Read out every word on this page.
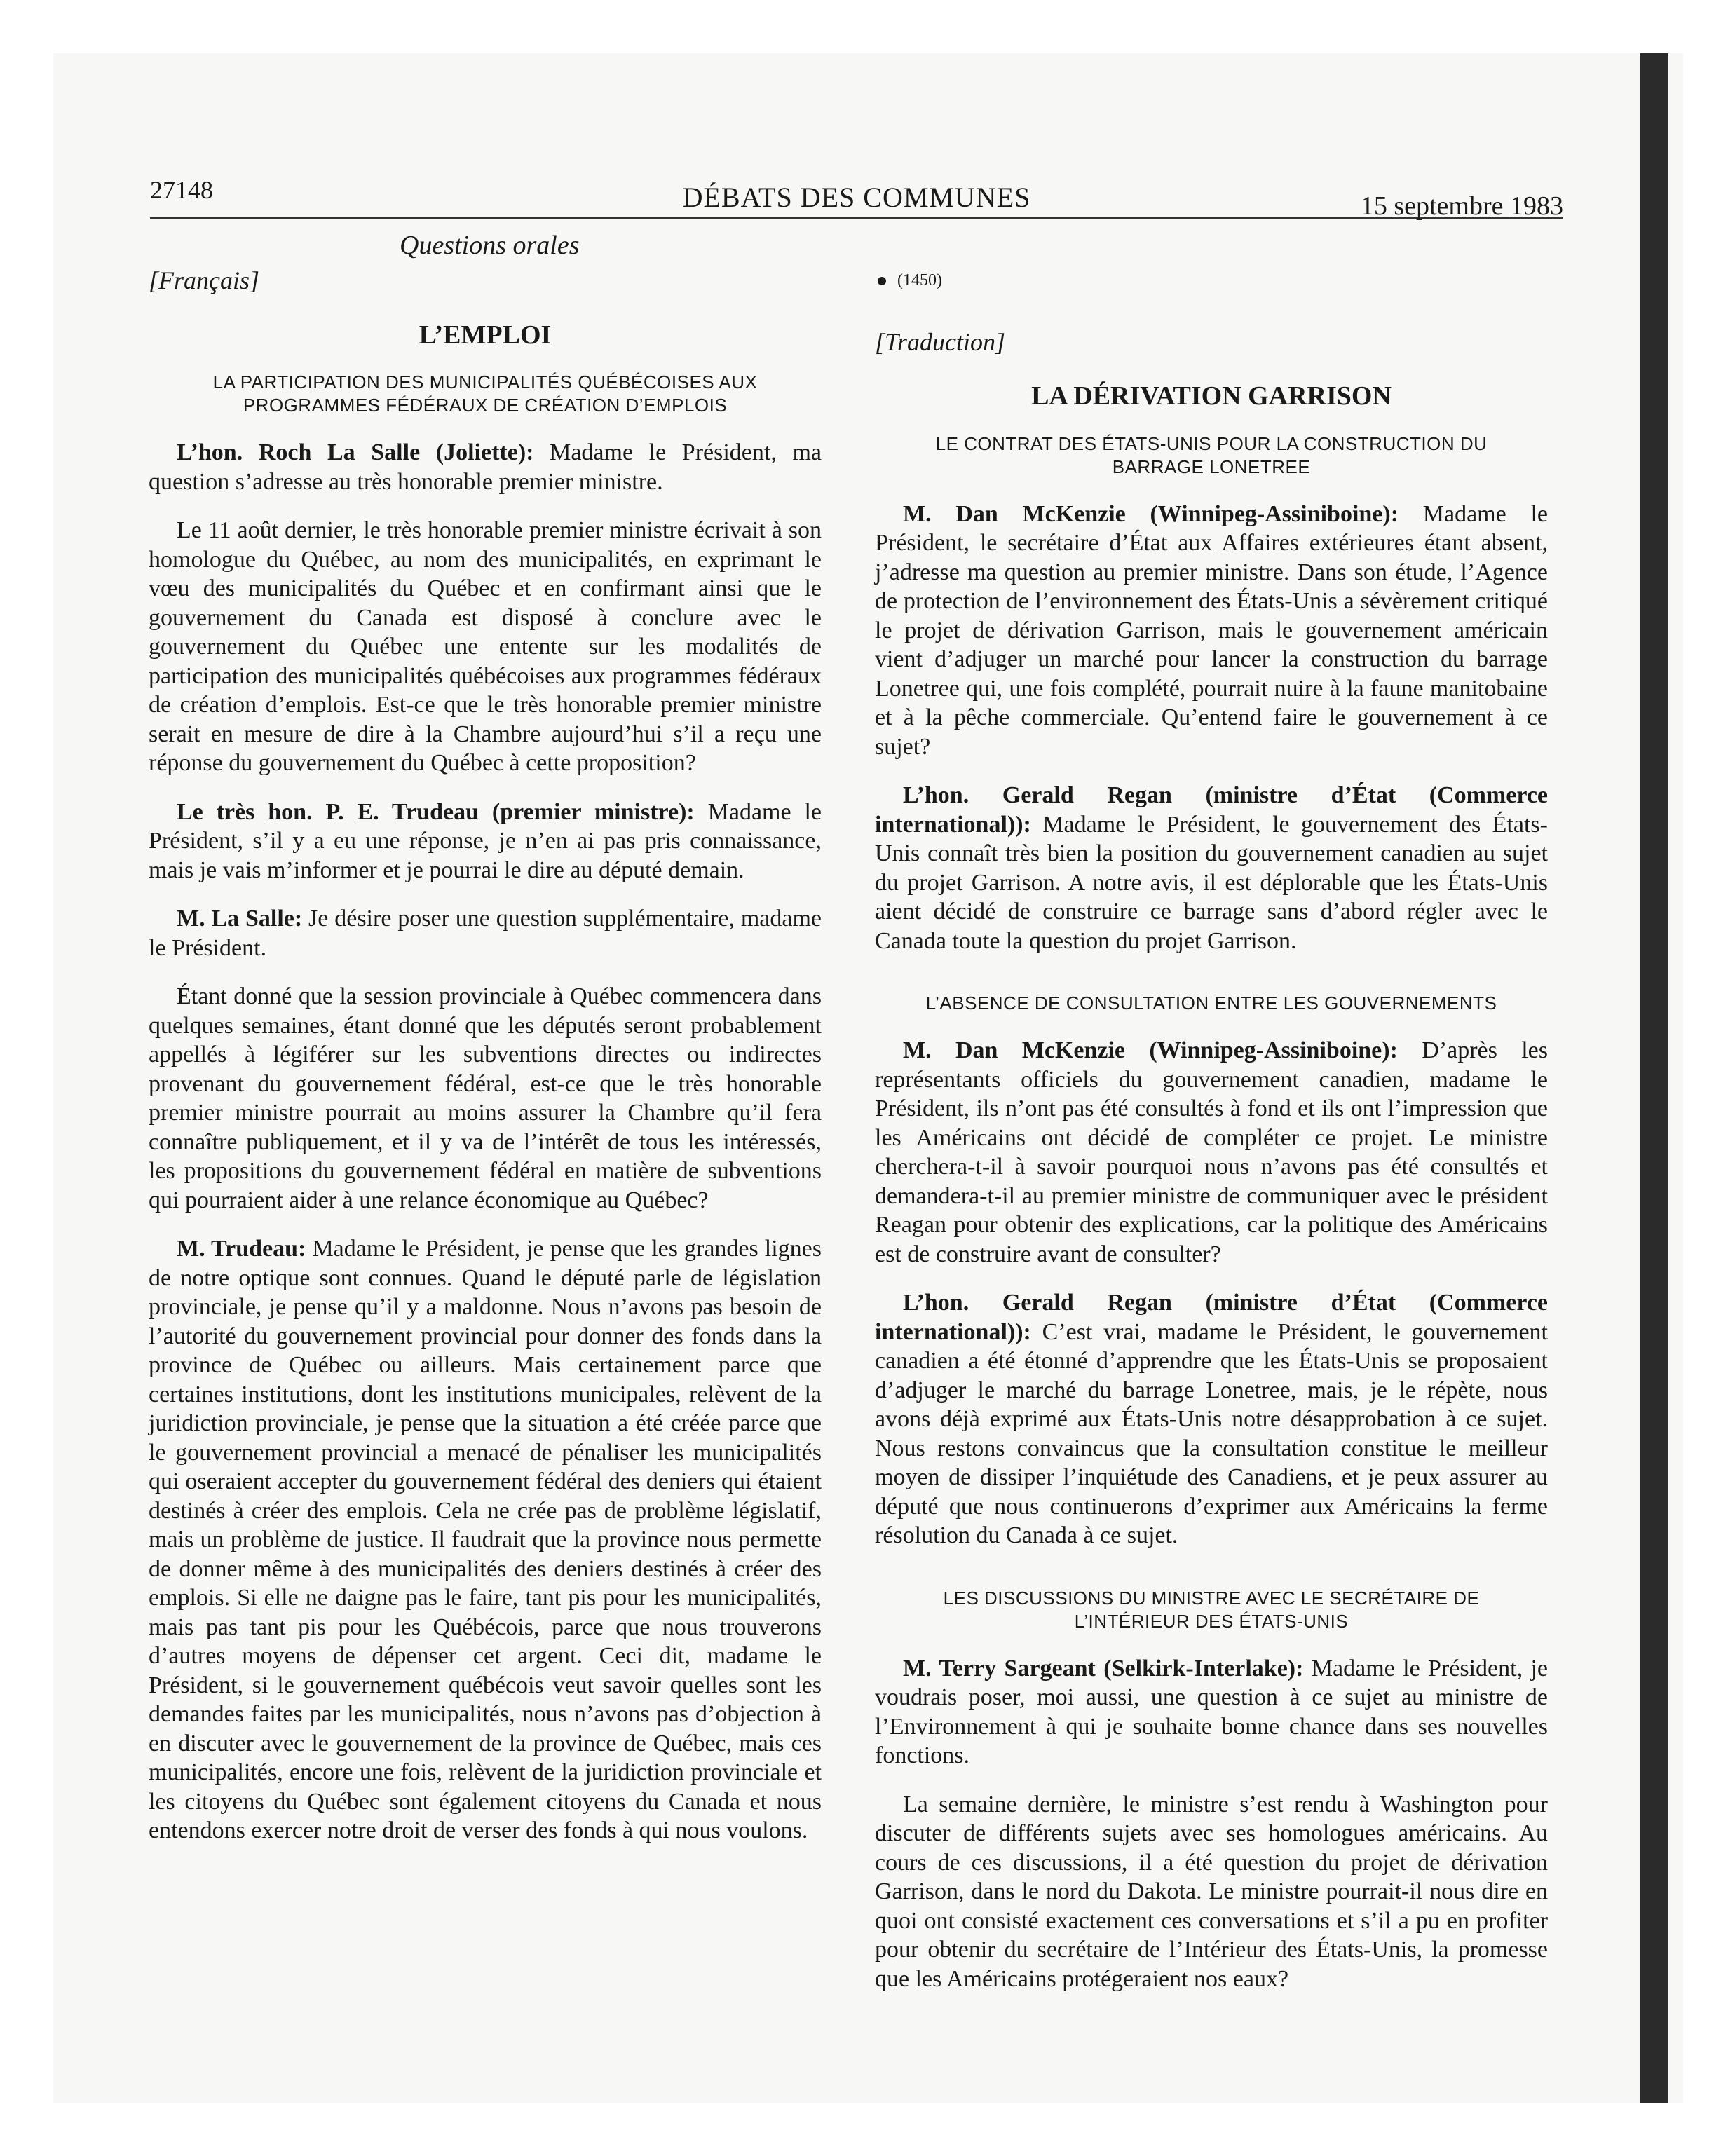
27148	DÉBATS DES COMMUNES	15 septembre 1983
Questions orales
[Français]
L’EMPLOI
LA PARTICIPATION DES MUNICIPALITÉS QUÉBÉCOISES AUX PROGRAMMES FÉDÉRAUX DE CRÉATION D’EMPLOIS

L’hon. Roch La Salle (Joliette): Madame le Président, ma question s’adresse au très honorable premier ministre.

Le 11 août dernier, le très honorable premier ministre écrivait à son homologue du Québec, au nom des municipalités, en exprimant le vœu des municipalités du Québec et en confirmant ainsi que le gouvernement du Canada est disposé à conclure avec le gouvernement du Québec une entente sur les modalités de participation des municipalités québécoises aux programmes fédéraux de création d’emplois. Est-ce que le très honorable premier ministre serait en mesure de dire à la Chambre aujourd’hui s’il a reçu une réponse du gouvernement du Québec à cette proposition?

Le très hon. P. E. Trudeau (premier ministre): Madame le Président, s’il y a eu une réponse, je n’en ai pas pris connaissance, mais je vais m’informer et je pourrai le dire au député demain.

M. La Salle: Je désire poser une question supplémentaire, madame le Président.

Étant donné que la session provinciale à Québec commencera dans quelques semaines, étant donné que les députés seront probablement appellés à légiférer sur les subventions directes ou indirectes provenant du gouvernement fédéral, est-ce que le très honorable premier ministre pourrait au moins assurer la Chambre qu’il fera connaître publiquement, et il y va de l’intérêt de tous les intéressés, les propositions du gouvernement fédéral en matière de subventions qui pourraient aider à une relance économique au Québec?

M. Trudeau: Madame le Président, je pense que les grandes lignes de notre optique sont connues. Quand le député parle de législation provinciale, je pense qu’il y a maldonne. Nous n’avons pas besoin de l’autorité du gouvernement provincial pour donner des fonds dans la province de Québec ou ailleurs. Mais certainement parce que certaines institutions, dont les institutions municipales, relèvent de la juridiction provinciale, je pense que la situation a été créée parce que le gouvernement provincial a menacé de pénaliser les municipalités qui oseraient accepter du gouvernement fédéral des deniers qui étaient destinés à créer des emplois. Cela ne crée pas de problème législatif, mais un problème de justice. Il faudrait que la province nous permette de donner même à des municipalités des deniers destinés à créer des emplois. Si elle ne daigne pas le faire, tant pis pour les municipalités, mais pas tant pis pour les Québécois, parce que nous trouverons d’autres moyens de dépenser cet argent. Ceci dit, madame le Président, si le gouvernement québécois veut savoir quelles sont les demandes faites par les municipalités, nous n’avons pas d’objection à en discuter avec le gouvernement de la province de Québec, mais ces municipalités, encore une fois, relèvent de la juridiction provinciale et les citoyens du Québec sont également citoyens du Canada et nous entendons exercer notre droit de verser des fonds à qui nous voulons.

(1450)
[Traduction]
LA DÉRIVATION GARRISON
LE CONTRAT DES ÉTATS-UNIS POUR LA CONSTRUCTION DU BARRAGE LONETREE

M. Dan McKenzie (Winnipeg-Assiniboine): Madame le Président, le secrétaire d’État aux Affaires extérieures étant absent, j’adresse ma question au premier ministre. Dans son étude, l’Agence de protection de l’environnement des États-Unis a sévèrement critiqué le projet de dérivation Garrison, mais le gouvernement américain vient d’adjuger un marché pour lancer la construction du barrage Lonetree qui, une fois complété, pourrait nuire à la faune manitobaine et à la pêche commerciale. Qu’entend faire le gouvernement à ce sujet?

L’hon. Gerald Regan (ministre d’État (Commerce international)): Madame le Président, le gouvernement des États-Unis connaît très bien la position du gouvernement canadien au sujet du projet Garrison. A notre avis, il est déplorable que les États-Unis aient décidé de construire ce barrage sans d’abord régler avec le Canada toute la question du projet Garrison.

L’ABSENCE DE CONSULTATION ENTRE LES GOUVERNEMENTS

M. Dan McKenzie (Winnipeg-Assiniboine): D’après les représentants officiels du gouvernement canadien, madame le Président, ils n’ont pas été consultés à fond et ils ont l’impression que les Américains ont décidé de compléter ce projet. Le ministre cherchera-t-il à savoir pourquoi nous n’avons pas été consultés et demandera-t-il au premier ministre de communiquer avec le président Reagan pour obtenir des explications, car la politique des Américains est de construire avant de consulter?

L’hon. Gerald Regan (ministre d’État (Commerce international)): C’est vrai, madame le Président, le gouvernement canadien a été étonné d’apprendre que les États-Unis se proposaient d’adjuger le marché du barrage Lonetree, mais, je le répète, nous avons déjà exprimé aux États-Unis notre désapprobation à ce sujet. Nous restons convaincus que la consultation constitue le meilleur moyen de dissiper l’inquiétude des Canadiens, et je peux assurer au député que nous continuerons d’exprimer aux Américains la ferme résolution du Canada à ce sujet.

LES DISCUSSIONS DU MINISTRE AVEC LE SECRÉTAIRE DE L’INTÉRIEUR DES ÉTATS-UNIS

M. Terry Sargeant (Selkirk-Interlake): Madame le Président, je voudrais poser, moi aussi, une question à ce sujet au ministre de l’Environnement à qui je souhaite bonne chance dans ses nouvelles fonctions.

La semaine dernière, le ministre s’est rendu à Washington pour discuter de différents sujets avec ses homologues américains. Au cours de ces discussions, il a été question du projet de dérivation Garrison, dans le nord du Dakota. Le ministre pourrait-il nous dire en quoi ont consisté exactement ces conversations et s’il a pu en profiter pour obtenir du secrétaire de l’Intérieur des États-Unis, la promesse que les Américains protégeraient nos eaux?
